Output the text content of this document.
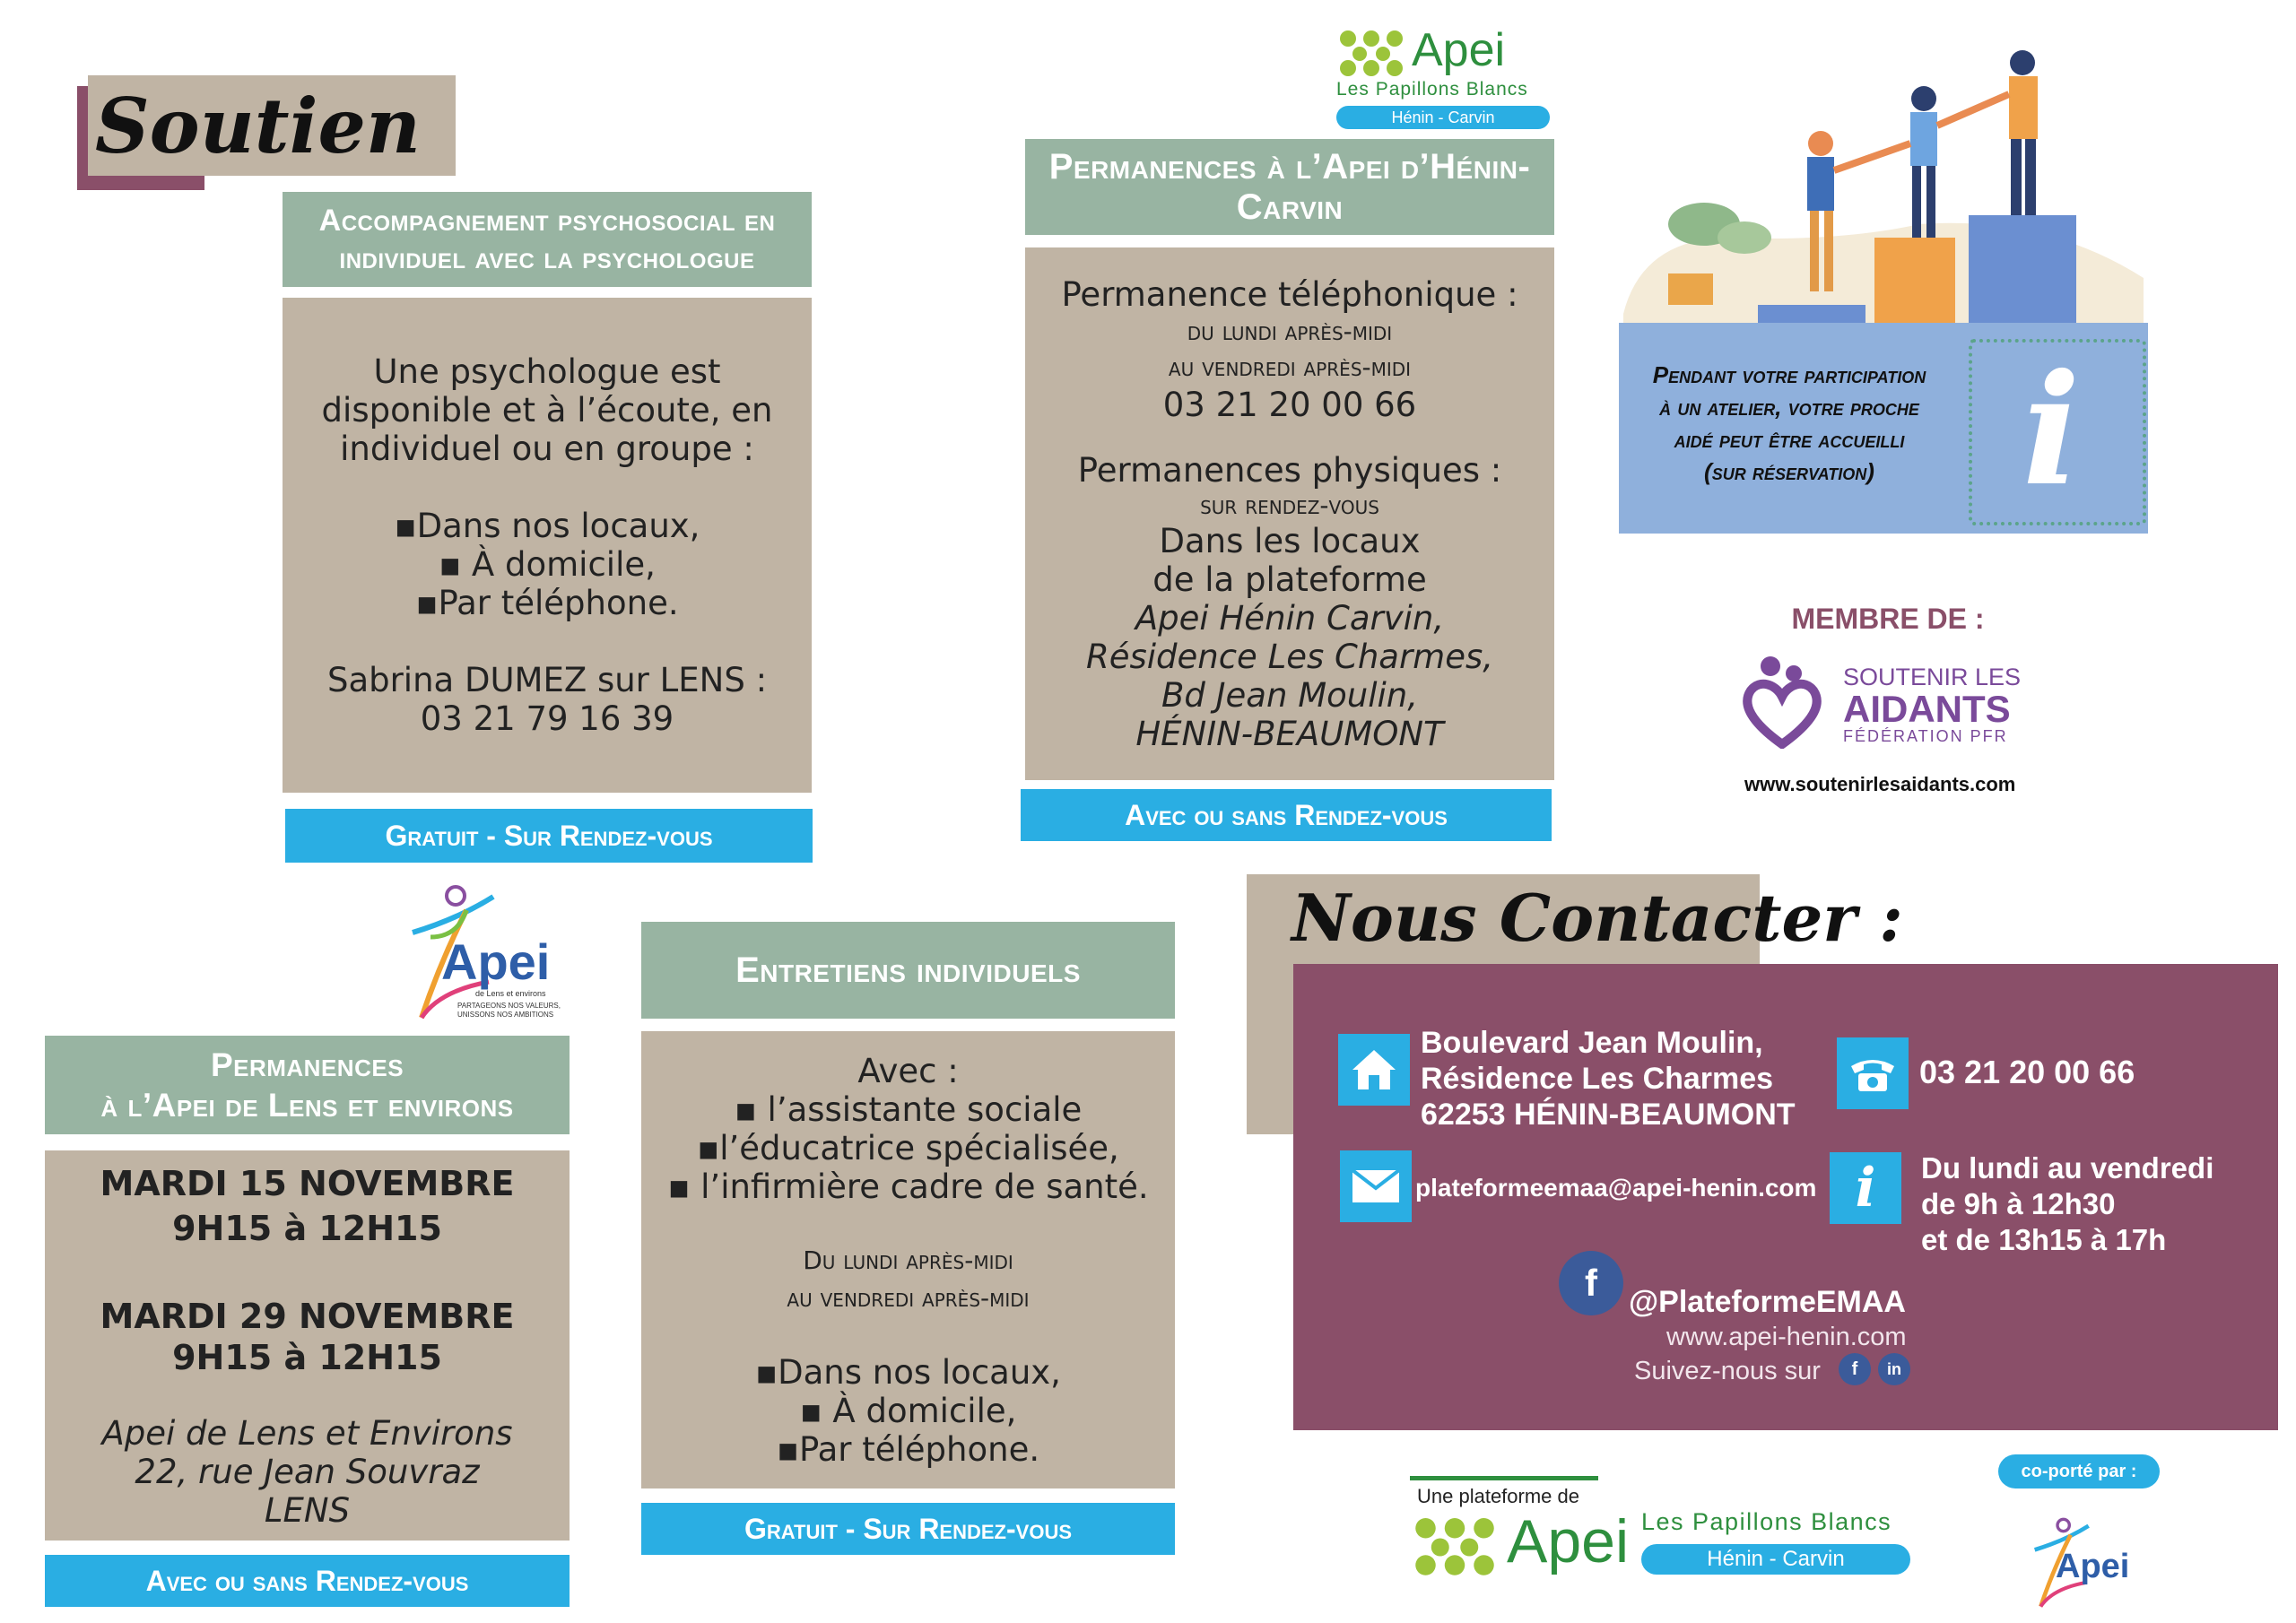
Soutien
Accompagnement psychosocial en
individuel avec la psychologue
Une psychologue est
disponible et à l’écoute, en
individuel ou en groupe :
▪Dans nos locaux,
▪ À domicile,
▪Par téléphone.
Sabrina DUMEZ sur LENS :
03 21 79 16 39
Gratuit - Sur Rendez-vous
Apei
Les Papillons Blancs
Hénin - Carvin
Permanences à l’Apei d’Hénin-Carvin
Permanence téléphonique :
du lundi après-midi
au vendredi après-midi
03 21 20 00 66
Permanences physiques :
sur rendez-vous
Dans les locaux
de la plateforme
Apei Hénin Carvin,
Résidence Les Charmes,
Bd Jean Moulin,
HÉNIN-BEAUMONT
Avec ou sans Rendez-vous
Pendant votre participation
à un atelier, votre proche
aidé peut être accueilli
(sur réservation) i
MEMBRE DE :
SOUTENIR LES
AIDANTS
FÉDÉRATION PFR
www.soutenirlesaidants.com
Apei
de Lens et environs
PARTAGEONS NOS VALEURS,
UNISSONS NOS AMBITIONS
Permanences
à l’Apei de Lens et environs
MARDI 15 NOVEMBRE
9H15 à 12H15
MARDI 29 NOVEMBRE
9H15 à 12H15
Apei de Lens et Environs
22, rue Jean Souvraz
LENS
Avec ou sans Rendez-vous
Entretiens individuels
Avec :
▪ l’assistante sociale
▪l’éducatrice spécialisée,
▪ l’infirmière cadre de santé.
Du lundi après-midi
au vendredi après-midi
▪Dans nos locaux,
▪ À domicile,
▪Par téléphone.
Gratuit - Sur Rendez-vous
Nous Contacter :
Boulevard Jean Moulin,
Résidence Les Charmes
62253 HÉNIN-BEAUMONT
03 21 20 00 66
plateformeemaa@apei-henin.com i Du lundi au vendredi
de 9h à 12h30
et de 13h15 à 17h
f @PlateformeEMAA
www.apei-henin.com
Suivez-nous sur	f	in
Une plateforme de
Apei Les Papillons Blancs
Hénin - Carvin
co-porté par :
Apei
